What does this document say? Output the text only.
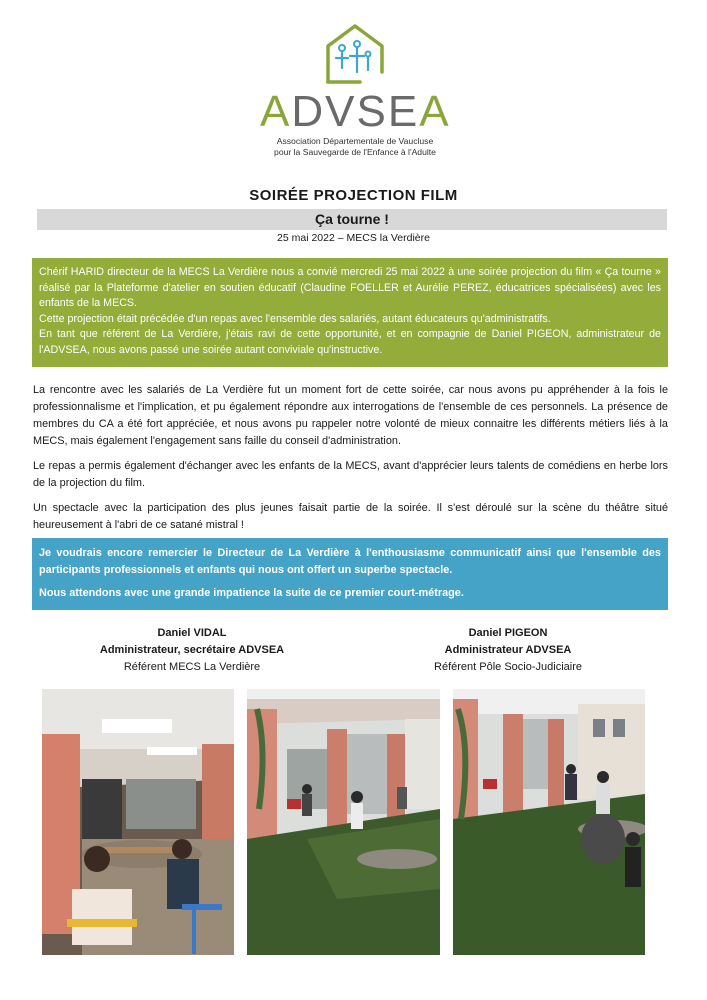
ADVSEA
Association Départementale de Vaucluse
pour la Sauvegarde de l'Enfance à l'Adulte
SOIRÉE PROJECTION FILM
Ça tourne !
25 mai 2022 – MECS la Verdière

Chérif HARID directeur de la MECS La Verdière nous a convié mercredi 25 mai 2022 à une soirée projection du film « Ça tourne » réalisé par la Plateforme d'atelier en soutien éducatif (Claudine FOELLER et Aurélie PEREZ, éducatrices spécialisées) avec les enfants de la MECS.

Cette projection était précédée d'un repas avec l'ensemble des salariés, autant éducateurs qu'administratifs.

En tant que référent de La Verdière, j'étais ravi de cette opportunité, et en compagnie de Daniel PIGEON, administrateur de l'ADVSEA, nous avons passé une soirée autant conviviale qu'instructive.

La rencontre avec les salariés de La Verdière fut un moment fort de cette soirée, car nous avons pu appréhender à la fois le professionnalisme et l'implication, et pu également répondre aux interrogations de l'ensemble de ces personnels. La présence de membres du CA a été fort appréciée, et nous avons pu rappeler notre volonté de mieux connaitre les différents métiers liés à la MECS, mais également l'engagement sans faille du conseil d'administration.

Le repas a permis également d'échanger avec les enfants de la MECS, avant d'apprécier leurs talents de comédiens en herbe lors de la projection du film.

Un spectacle avec la participation des plus jeunes faisait partie de la soirée. Il s'est déroulé sur la scène du théâtre situé heureusement à l'abri de ce satané mistral !

Je voudrais encore remercier le Directeur de La Verdière à l'enthousiasme communicatif ainsi que l'ensemble des participants professionnels et enfants qui nous ont offert un superbe spectacle.

Nous attendons avec une grande impatience la suite de ce premier court-métrage.

Daniel VIDAL
Administrateur, secrétaire ADVSEA
Référent MECS La Verdière
Daniel PIGEON
Administrateur ADVSEA
Référent Pôle Socio-Judiciaire
